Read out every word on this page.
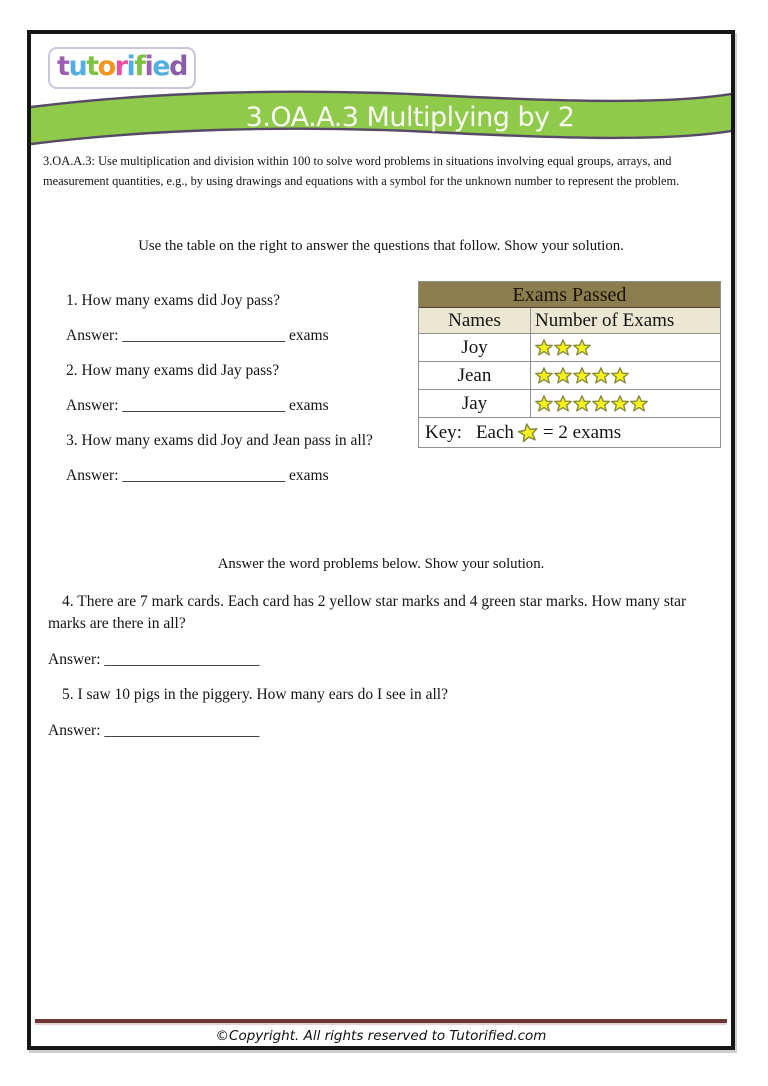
tutorified
3.OA.A.3 Multiplying by 2

3.OA.A.3: Use multiplication and division within 100 to solve word problems in situations involving equal groups, arrays, and measurement quantities, e.g., by using drawings and equations with a symbol for the unknown number to represent the problem.

Use the table on the right to answer the questions that follow. Show your solution.
1. How many exams did Joy pass?
Answer: _____________________ exams
2. How many exams did Jay pass?
Answer: _____________________ exams
3. How many exams did Joy and Jean pass in all?
Answer: _____________________ exams
Exams Passed
Names	Number of Exams
Joy
Jean
Jay
Key: Each = 2 exams
Answer the word problems below. Show your solution.
4. There are 7 mark cards. Each card has 2 yellow star marks and 4 green star marks. How many star marks are there in all?
Answer: ____________________
5. I saw 10 pigs in the piggery. How many ears do I see in all?
Answer: ____________________
©Copyright. All rights reserved to Tutorified.com
